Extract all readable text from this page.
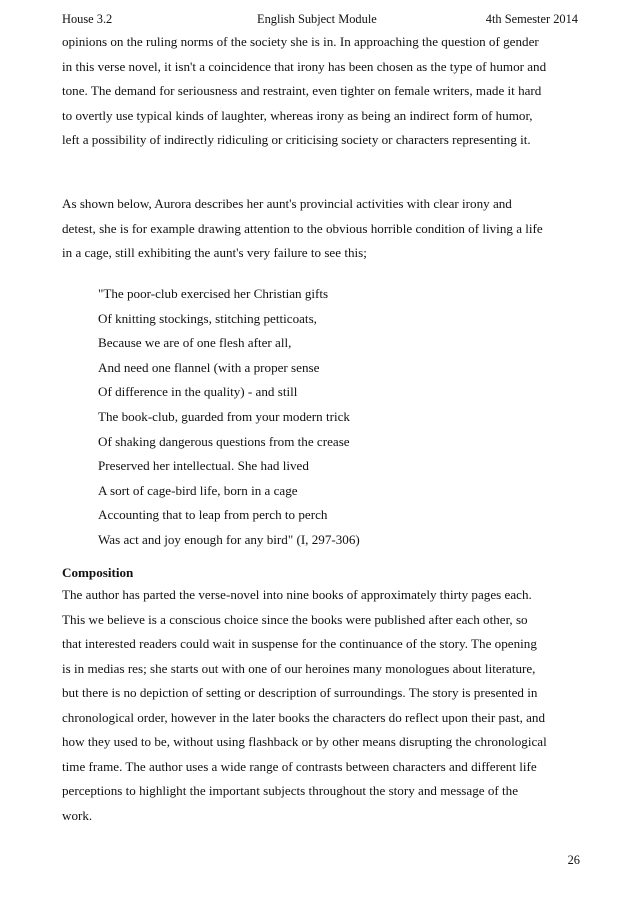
House 3.2	English Subject Module	4th Semester 2014
opinions on the ruling norms of the society she is in. In approaching the question of gender
in this verse novel, it isn't a coincidence that irony has been chosen as the type of humor and
tone. The demand for seriousness and restraint, even tighter on female writers, made it hard
to overtly use typical kinds of laughter, whereas irony as being an indirect form of humor,
left a possibility of indirectly ridiculing or criticising society or characters representing it.
As shown below, Aurora describes her aunt's provincial activities with clear irony and
detest, she is for example drawing attention to the obvious horrible condition of living a life
in a cage, still exhibiting the aunt's very failure to see this;
"The poor-club exercised her Christian gifts
Of knitting stockings, stitching petticoats,
Because we are of one flesh after all,
And need one flannel (with a proper sense
Of difference in the quality) - and still
The book-club, guarded from your modern trick
Of shaking dangerous questions from the crease
Preserved her intellectual. She had lived
A sort of cage-bird life, born in a cage
Accounting that to leap from perch to perch
Was act and joy enough for any bird" (I, 297-306)
Composition
The author has parted the verse-novel into nine books of approximately thirty pages each.
This we believe is a conscious choice since the books were published after each other, so
that interested readers could wait in suspense for the continuance of the story. The opening
is in medias res; she starts out with one of our heroines many monologues about literature,
but there is no depiction of setting or description of surroundings. The story is presented in
chronological order, however in the later books the characters do reflect upon their past, and
how they used to be, without using flashback or by other means disrupting the chronological
time frame. The author uses a wide range of contrasts between characters and different life
perceptions to highlight the important subjects throughout the story and message of the
work.
26
